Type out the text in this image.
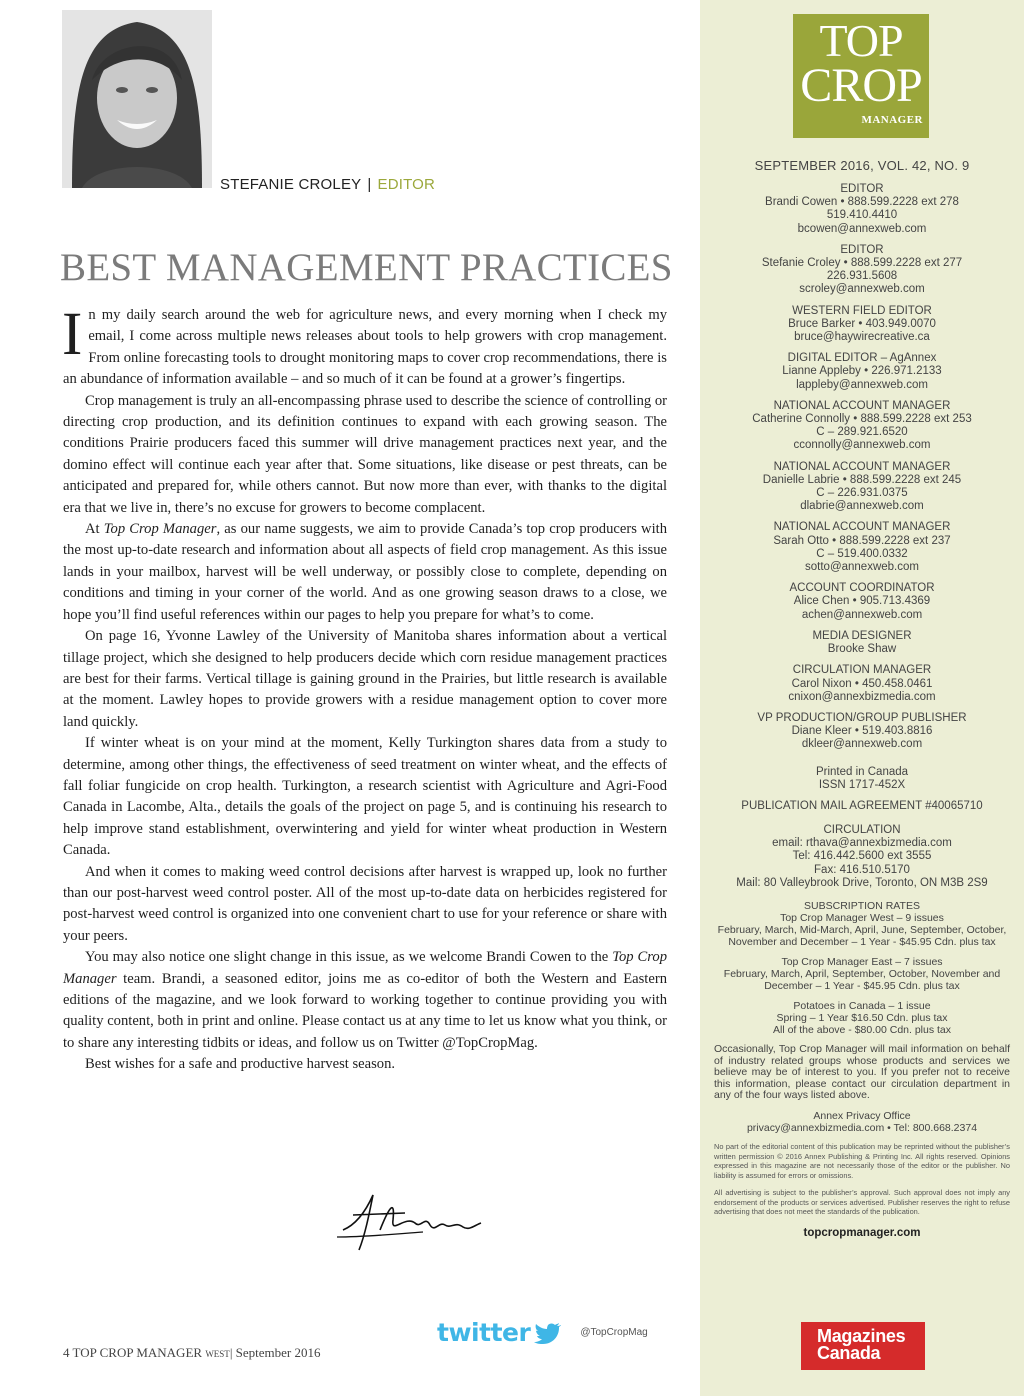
STEFANIE CROLEY | EDITOR
BEST MANAGEMENT PRACTICES

In my daily search around the web for agriculture news, and every morning when I check my email, I come across multiple news releases about tools to help growers with crop management. From online forecasting tools to drought monitoring maps to cover crop recommendations, there is an abundance of information available – and so much of it can be found at a grower’s fingertips.

Crop management is truly an all-encompassing phrase used to describe the science of controlling or directing crop production, and its definition continues to expand with each growing season. The conditions Prairie producers faced this summer will drive management practices next year, and the domino effect will continue each year after that. Some situations, like disease or pest threats, can be anticipated and prepared for, while others cannot. But now more than ever, with thanks to the digital era that we live in, there’s no excuse for growers to become complacent.

At Top Crop Manager, as our name suggests, we aim to provide Canada’s top crop producers with the most up-to-date research and information about all aspects of field crop management. As this issue lands in your mailbox, harvest will be well underway, or possibly close to complete, depending on conditions and timing in your corner of the world. And as one growing season draws to a close, we hope you’ll find useful references within our pages to help you prepare for what’s to come.

On page 16, Yvonne Lawley of the University of Manitoba shares information about a vertical tillage project, which she designed to help producers decide which corn residue management practices are best for their farms. Vertical tillage is gaining ground in the Prairies, but little research is available at the moment. Lawley hopes to provide growers with a residue management option to cover more land quickly.

If winter wheat is on your mind at the moment, Kelly Turkington shares data from a study to determine, among other things, the effectiveness of seed treatment on winter wheat, and the effects of fall foliar fungicide on crop health. Turkington, a research scientist with Agriculture and Agri-Food Canada in Lacombe, Alta., details the goals of the project on page 5, and is continuing his research to help improve stand establishment, overwintering and yield for winter wheat production in Western Canada.

And when it comes to making weed control decisions after harvest is wrapped up, look no further than our post-harvest weed control poster. All of the most up-to-date data on herbicides registered for post-harvest weed control is organized into one convenient chart to use for your reference or share with your peers.

You may also notice one slight change in this issue, as we welcome Brandi Cowen to the Top Crop Manager team. Brandi, a seasoned editor, joins me as co-editor of both the Western and Eastern editions of the magazine, and we look forward to working together to continue providing you with quality content, both in print and online. Please contact us at any time to let us know what you think, or to share any interesting tidbits or ideas, and follow us on Twitter @TopCropMag.

Best wishes for a safe and productive harvest season.

twitter	@TopCropMag
4 TOP CROP MANAGER WEST| September 2016
TOP
CROP
MANAGER
SEPTEMBER 2016, VOL. 42, NO. 9
EDITOR
Brandi Cowen • 888.599.2228 ext 278
519.410.4410
bcowen@annexweb.com
EDITOR
Stefanie Croley • 888.599.2228 ext 277
226.931.5608
scroley@annexweb.com
WESTERN FIELD EDITOR
Bruce Barker • 403.949.0070
bruce@haywirecreative.ca
DIGITAL EDITOR – AgAnnex
Lianne Appleby • 226.971.2133
lappleby@annexweb.com
NATIONAL ACCOUNT MANAGER
Catherine Connolly • 888.599.2228 ext 253
C – 289.921.6520
cconnolly@annexweb.com
NATIONAL ACCOUNT MANAGER
Danielle Labrie • 888.599.2228 ext 245
C – 226.931.0375
dlabrie@annexweb.com
NATIONAL ACCOUNT MANAGER
Sarah Otto • 888.599.2228 ext 237
C – 519.400.0332
sotto@annexweb.com
ACCOUNT COORDINATOR
Alice Chen • 905.713.4369
achen@annexweb.com
MEDIA DESIGNER
Brooke Shaw
CIRCULATION MANAGER
Carol Nixon • 450.458.0461
cnixon@annexbizmedia.com
VP PRODUCTION/GROUP PUBLISHER
Diane Kleer • 519.403.8816
dkleer@annexweb.com
Printed in Canada
ISSN 1717-452X
PUBLICATION MAIL AGREEMENT #40065710
CIRCULATION
email: rthava@annexbizmedia.com
Tel: 416.442.5600 ext 3555
Fax: 416.510.5170
Mail: 80 Valleybrook Drive, Toronto, ON M3B 2S9
SUBSCRIPTION RATES
Top Crop Manager West – 9 issues
February, March, Mid-March, April, June, September, October, November and December – 1 Year - $45.95 Cdn. plus tax
Top Crop Manager East – 7 issues
February, March, April, September, October, November and December – 1 Year - $45.95 Cdn. plus tax
Potatoes in Canada – 1 issue
Spring – 1 Year $16.50 Cdn. plus tax
All of the above - $80.00 Cdn. plus tax
Occasionally, Top Crop Manager will mail information on behalf of industry related groups whose products and services we believe may be of interest to you. If you prefer not to receive this information, please contact our circulation department in any of the four ways listed above.
Annex Privacy Office
privacy@annexbizmedia.com • Tel: 800.668.2374
No part of the editorial content of this publication may be reprinted without the publisher’s written permission © 2016 Annex Publishing & Printing Inc. All rights reserved. Opinions expressed in this magazine are not necessarily those of the editor or the publisher. No liability is assumed for errors or omissions.
All advertising is subject to the publisher’s approval. Such approval does not imply any endorsement of the products or services advertised. Publisher reserves the right to refuse advertising that does not meet the standards of the publication.
topcropmanager.com
Magazines
Canada
